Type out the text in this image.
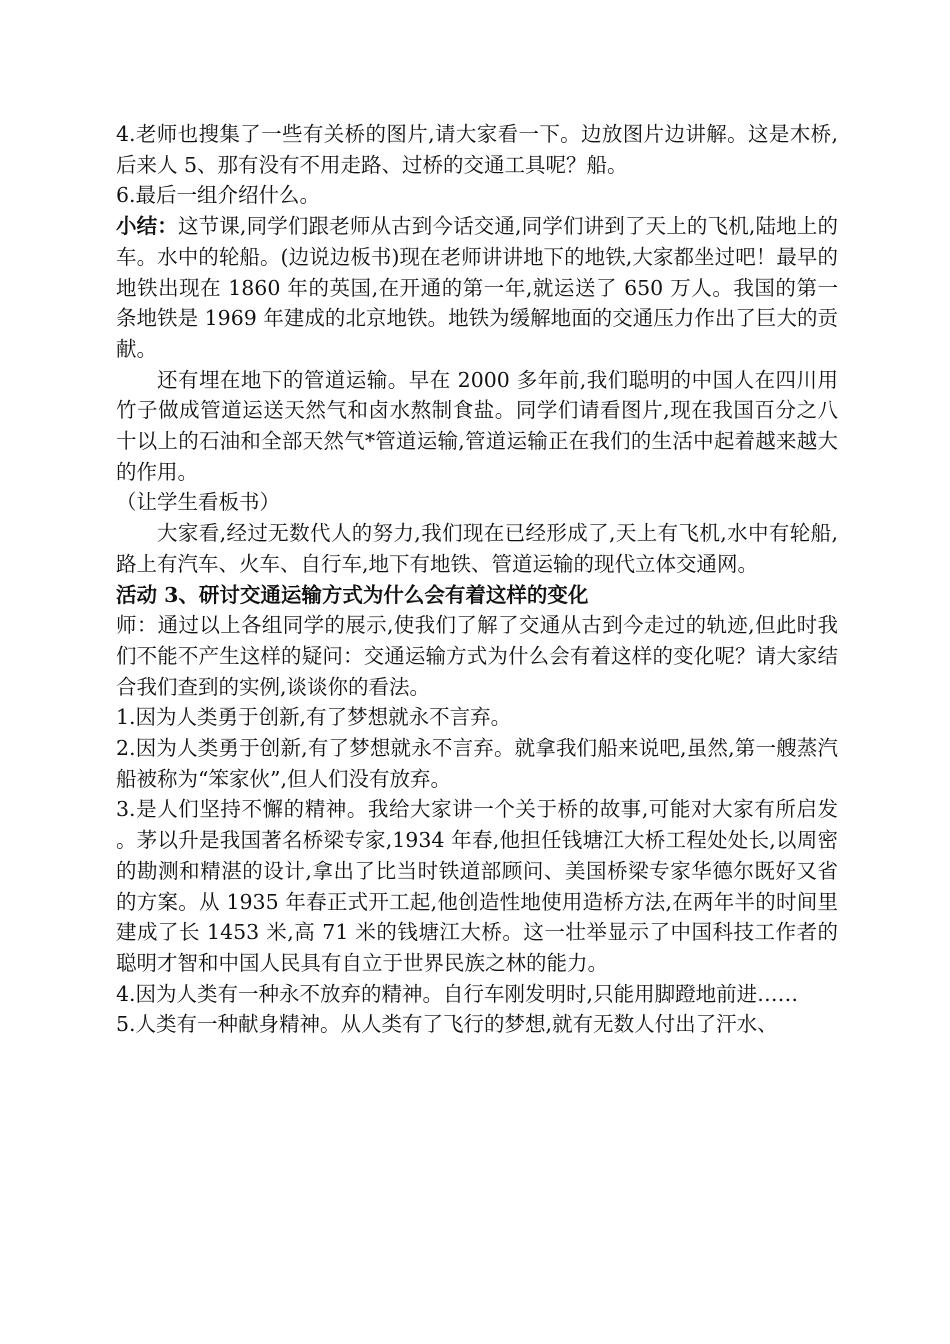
4.老师也搜集了一些有关桥的图片,请大家看一下。边放图片边讲解。这是木桥,后来人 5、那有没有不用走路、过桥的交通工具呢？船。

6.最后一组介绍什么。

小结：这节课,同学们跟老师从古到今话交通,同学们讲到了天上的飞机,陆地上的车。水中的轮船。(边说边板书)现在老师讲讲地下的地铁,大家都坐过吧！最早的地铁出现在 1860 年的英国,在开通的第一年,就运送了 650 万人。我国的第一条地铁是 1969 年建成的北京地铁。地铁为缓解地面的交通压力作出了巨大的贡献。

还有埋在地下的管道运输。早在 2000 多年前,我们聪明的中国人在四川用竹子做成管道运送天然气和卤水熬制食盐。同学们请看图片,现在我国百分之八十以上的石油和全部天然气*管道运输,管道运输正在我们的生活中起着越来越大的作用。

（让学生看板书）

大家看,经过无数代人的努力,我们现在已经形成了,天上有飞机,水中有轮船,路上有汽车、火车、自行车,地下有地铁、管道运输的现代立体交通网。

活动 3、研讨交通运输方式为什么会有着这样的变化

师：通过以上各组同学的展示,使我们了解了交通从古到今走过的轨迹,但此时我们不能不产生这样的疑问：交通运输方式为什么会有着这样的变化呢？请大家结合我们查到的实例,谈谈你的看法。

1.因为人类勇于创新,有了梦想就永不言弃。

2.因为人类勇于创新,有了梦想就永不言弃。就拿我们船来说吧,虽然,第一艘蒸汽船被称为“笨家伙”,但人们没有放弃。

3.是人们坚持不懈的精神。我给大家讲一个关于桥的故事,可能对大家有所启发。茅以升是我国著名桥梁专家,1934 年春,他担任钱塘江大桥工程处处长,以周密的勘测和精湛的设计,拿出了比当时铁道部顾问、美国桥梁专家华德尔既好又省的方案。从 1935 年春正式开工起,他创造性地使用造桥方法,在两年半的时间里建成了长 1453 米,高 71 米的钱塘江大桥。这一壮举显示了中国科技工作者的聪明才智和中国人民具有自立于世界民族之林的能力。

4.因为人类有一种永不放弃的精神。自行车刚发明时,只能用脚蹬地前进……

5.人类有一种献身精神。从人类有了飞行的梦想,就有无数人付出了汗水、
